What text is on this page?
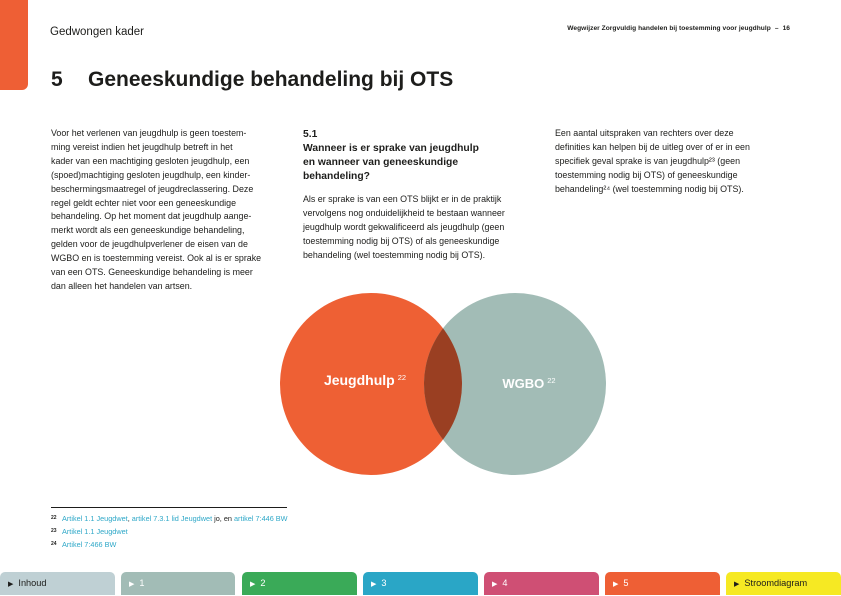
Gedwongen kader	Wegwijzer Zorgvuldig handelen bij toestemming voor jeugdhulp – 16
5 Geneeskundige behandeling bij OTS

Voor het verlenen van jeugdhulp is geen toestem-
ming vereist indien het jeugdhulp betreft in het
kader van een machtiging gesloten jeugdhulp, een
(spoed)machtiging gesloten jeugdhulp, een kinder-
beschermingsmaatregel of jeugdreclassering. Deze
regel geldt echter niet voor een geneeskundige
behandeling. Op het moment dat jeugdhulp aange-
merkt wordt als een geneeskundige behandeling,
gelden voor de jeugdhulpverlener de eisen van de
WGBO en is toestemming vereist. Ook al is er sprake
van een OTS. Geneeskundige behandeling is meer
dan alleen het handelen van artsen.

5.1
Wanneer is er sprake van jeugdhulp
en wanneer van geneeskundige
behandeling?

Als er sprake is van een OTS blijkt er in de praktijk
vervolgens nog onduidelijkheid te bestaan wanneer
jeugdhulp wordt gekwalificeerd als jeugdhulp (geen
toestemming nodig bij OTS) of als geneeskundige
behandeling (wel toestemming nodig bij OTS).

Een aantal uitspraken van rechters over deze
definities kan helpen bij de uitleg over of er in een
specifiek geval sprake is van jeugdhulp²³ (geen
toestemming nodig bij OTS) of geneeskundige
behandeling²⁴ (wel toestemming nodig bij OTS).

Jeugdhulp $^{22}$	WGBO $^{22}$
$^{22}$ Artikel 1.1 Jeugdwet, artikel 7.3.1 lid Jeugdwet jo, en artikel 7:446 BW
$^{23}$ Artikel 1.1 Jeugdwet
$^{24}$ Artikel 7:466 BW
▶ Inhoud	▶ 1	▶ 2	▶ 3	▶ 4	▶ 5	▶ Stroomdiagram
